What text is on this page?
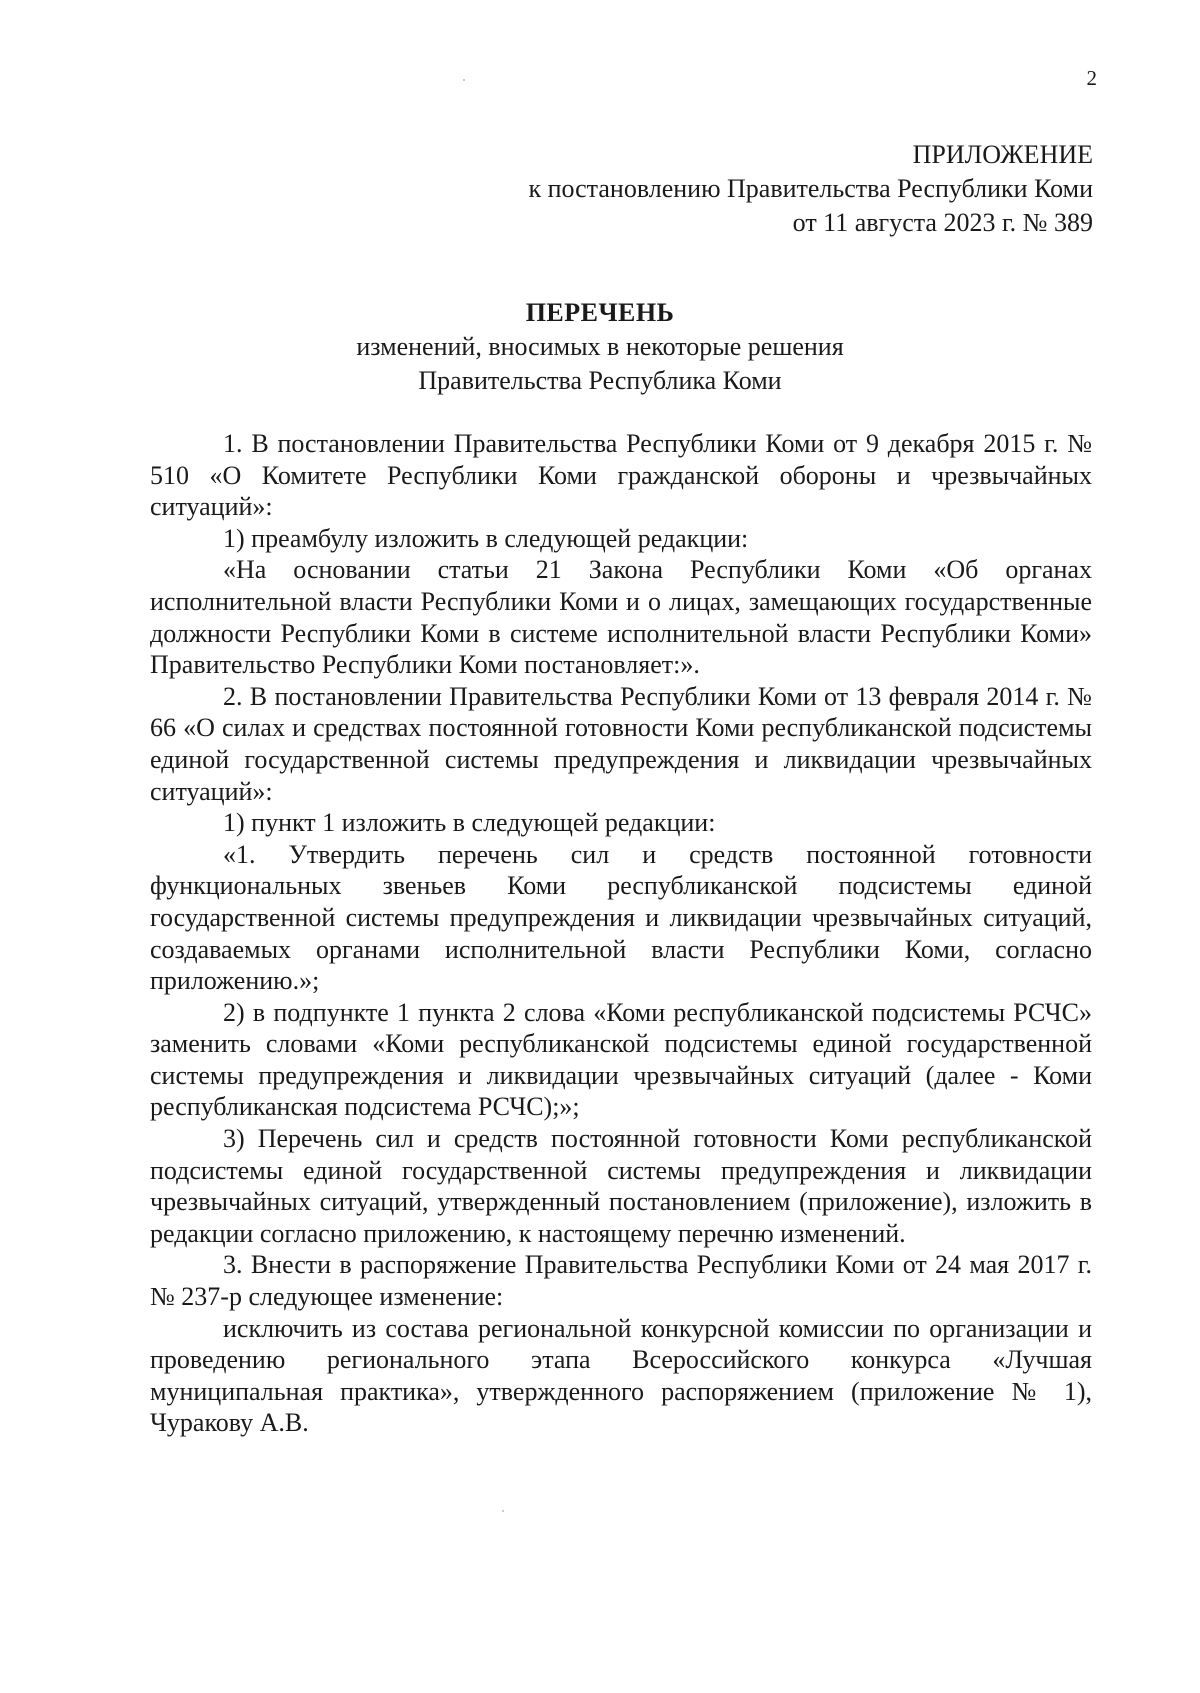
2
ПРИЛОЖЕНИЕ
к постановлению Правительства Республики Коми
от 11 августа 2023 г. № 389
ПЕРЕЧЕНЬ
изменений, вносимых в некоторые решения
Правительства Республика Коми

1. В постановлении Правительства Республики Коми от 9 декабря 2015 г. № 510 «О Комитете Республики Коми гражданской обороны и чрезвычайных ситуаций»:

1) преамбулу изложить в следующей редакции:

«На основании статьи 21 Закона Республики Коми «Об органах исполнительной власти Республики Коми и о лицах, замещающих государственные должности Республики Коми в системе исполнительной власти Республики Коми» Правительство Республики Коми постановляет:».

2. В постановлении Правительства Республики Коми от 13 февраля 2014 г. № 66 «О силах и средствах постоянной готовности Коми республиканской подсистемы единой государственной системы предупреждения и ликвидации чрезвычайных ситуаций»:

1) пункт 1 изложить в следующей редакции:

«1. Утвердить перечень сил и средств постоянной готовности функциональных звеньев Коми республиканской подсистемы единой государственной системы предупреждения и ликвидации чрезвычайных ситуаций, создаваемых органами исполнительной власти Республики Коми, согласно приложению.»;

2) в подпункте 1 пункта 2 слова «Коми республиканской подсистемы РСЧС» заменить словами «Коми республиканской подсистемы единой государственной системы предупреждения и ликвидации чрезвычайных ситуаций (далее - Коми республиканская подсистема РСЧС);»;

3) Перечень сил и средств постоянной готовности Коми республиканской подсистемы единой государственной системы предупреждения и ликвидации чрезвычайных ситуаций, утвержденный постановлением (приложение), изложить в редакции согласно приложению, к настоящему перечню изменений.

3. Внести в распоряжение Правительства Республики Коми от 24 мая 2017 г. № 237-р следующее изменение:

исключить из состава региональной конкурсной комиссии по организации и проведению регионального этапа Всероссийского конкурса «Лучшая муниципальная практика», утвержденного распоряжением (приложение № 1), Чуракову А.В.
